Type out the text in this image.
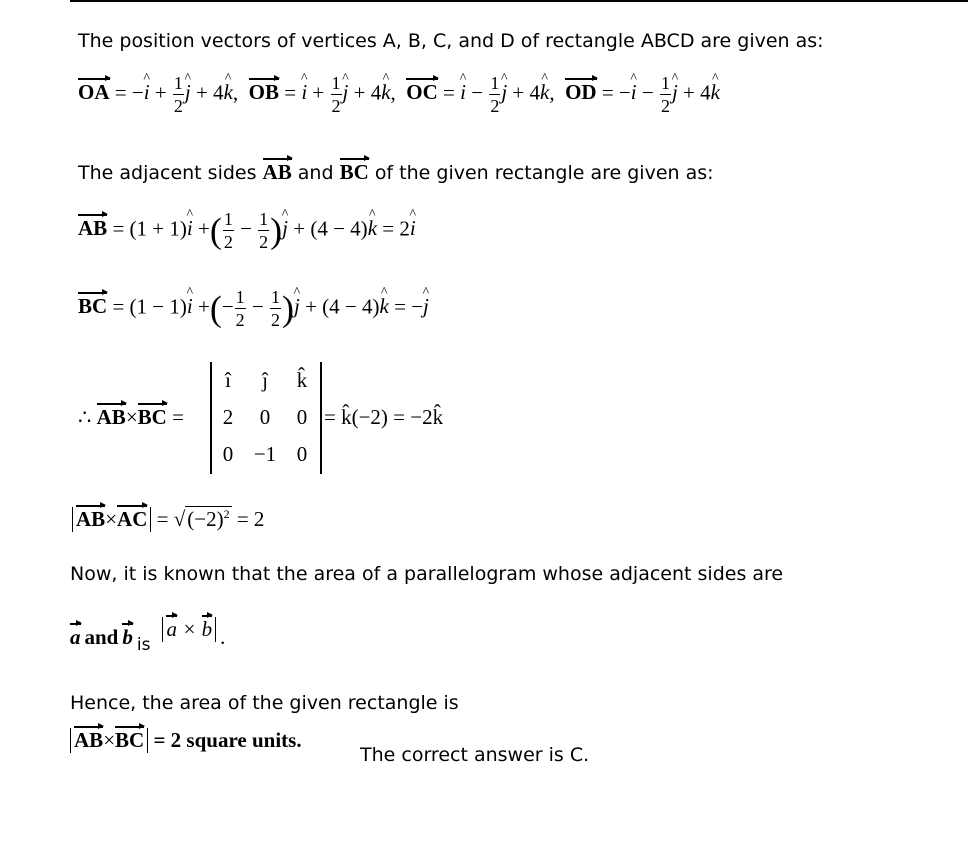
The position vectors of vertices A, B, C, and D of rectangle ABCD are given as:
OA = −^ $i + \frac{1}{2}$ ^ j + 4^ k,  OB = ^ $i + \frac{1}{2}$ ^ j + 4^ k,  OC = ^ $i - \frac{1}{2}$ ^ j + 4^ k,  OD = −^ $i - \frac{1}{2}$ ^ j + 4^ k
The adjacent sides AB and BC of the given rectangle are given as:
AB = (1 + 1)^ i +( $\frac{1}{2} - \frac{1}{2}$ )^ j + (4 − 4)^ k = 2^ i
BC = (1 − 1)^ i +(− $\frac{1}{2} - \frac{1}{2}$ )^ j + (4 − 4)^ k = −^ j
∴ AB×BC =
î	ĵ	k̂
2	0	0
0 −1 0
= k̂(−2) = −2k̂
$AB\times AC = √(-2)^2 = 2$
Now, it is known that the area of a parallelogram whose adjacent sides are
a and b is a × b .
Hence, the area of the given rectangle is
AB×BC = 2 square units.
The correct answer is C.
